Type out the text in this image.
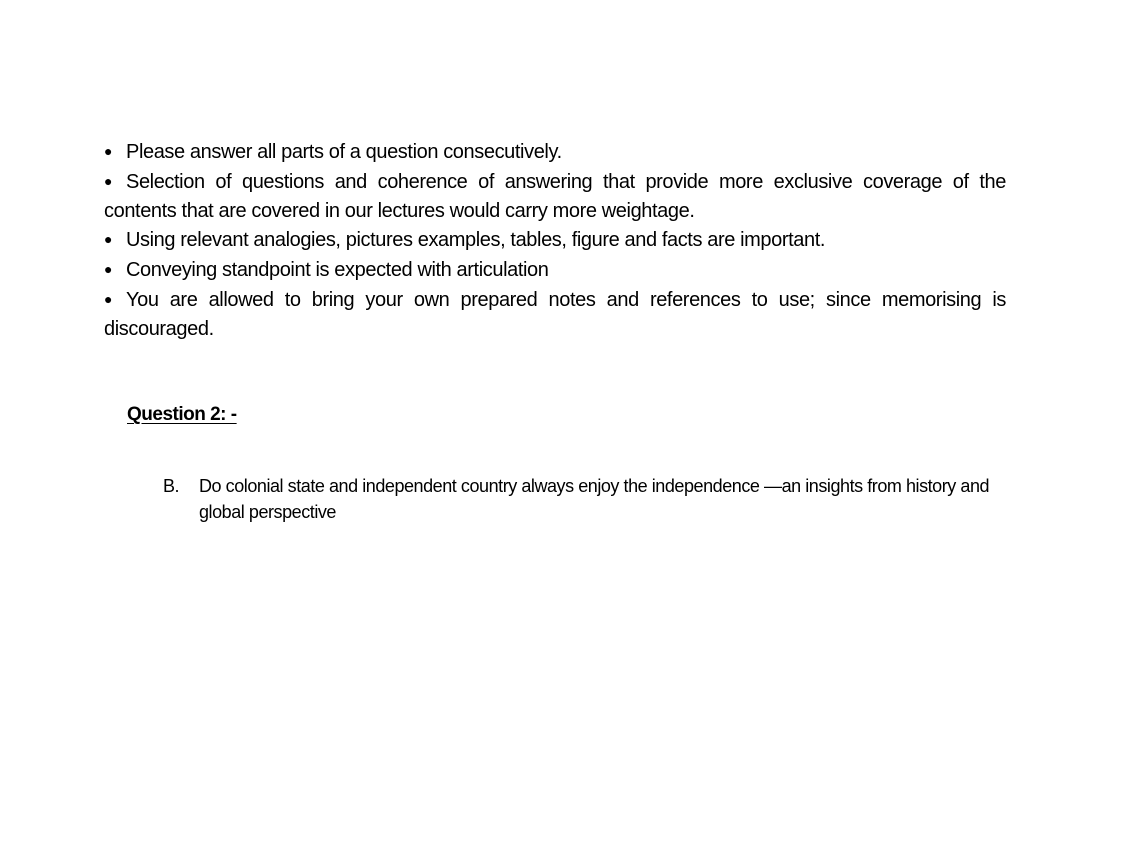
● Please answer all parts of a question consecutively.

● Selection of questions and coherence of answering that provide more exclusive coverage of the contents that are covered in our lectures would carry more weightage.

● Using relevant analogies, pictures examples, tables, figure and facts are important.

● Conveying standpoint is expected with articulation

● You are allowed to bring your own prepared notes and references to use; since memorising is discouraged.

Question 2: -

B.	Do colonial state and independent country always enjoy the independence —an insights from history and global perspective
